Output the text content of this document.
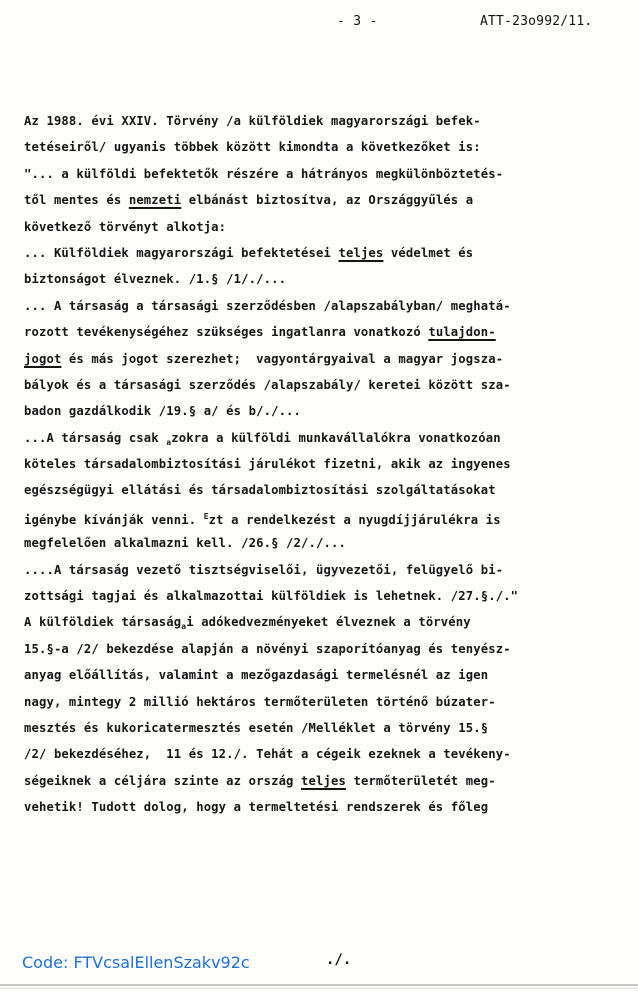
- 3 -	ATT-23o992/11.
Az 1988. évi XXIV. Törvény /a külföldiek magyarországi befek-
tetéseiről/ ugyanis többek között kimondta a következőket is:
"... a külföldi befektetők részére a hátrányos megkülönböztetés-
től mentes és nemzeti elbánást biztosítva, az Országgyűlés a
következő törvényt alkotja:
... Külföldiek magyarországi befektetései teljes védelmet és
biztonságot élveznek. /1.§ /1/./...
... A társaság a társasági szerződésben /alapszabályban/ meghatá-
rozott tevékenységéhez szükséges ingatlanra vonatkozó tulajdon-
jogot és más jogot szerezhet;  vagyontárgyaival a magyar jogsza-
bályok és a társasági szerződés /alapszabály/ keretei között sza-
badon gazdálkodik /19.§ a/ és b/./...
...A társaság csak $_a$zokra a külföldi munkavállalókra vonatkozóan
köteles társadalombiztosítási járulékot fizetni, akik az ingyenes
egészségügyi ellátási és társadalombiztosítási szolgáltatásokat
igénybe kívánják venni. $^E$zt a rendelkezést a nyugdíjjárulékra is
megfelelően alkalmazni kell. /26.§ /2/./...
....A társaság vezető tisztségviselői, ügyvezetői, felügyelő bi-
zottsági tagjai és alkalmazottai külföldiek is lehetnek. /27.§./."
A külföldiek társaság$_a$i adókedvezményeket élveznek a törvény
15.§-a /2/ bekezdése alapján a növényi szaporítóanyag és tenyész-
anyag előállítás, valamint a mezőgazdasági termelésnél az igen
nagy, mintegy 2 millió hektáros termőterületen történő búzater-
mesztés és kukoricatermesztés esetén /Melléklet a törvény 15.§
/2/ bekezdéséhez,  11 és 12./. Tehát a cégeik ezeknek a tevékeny-
ségeiknek a céljára szinte az ország teljes termőterületét meg-
vehetik! Tudott dolog, hogy a termeltetési rendszerek és főleg
Code: FTVcsalEllenSzakv92c	./.
